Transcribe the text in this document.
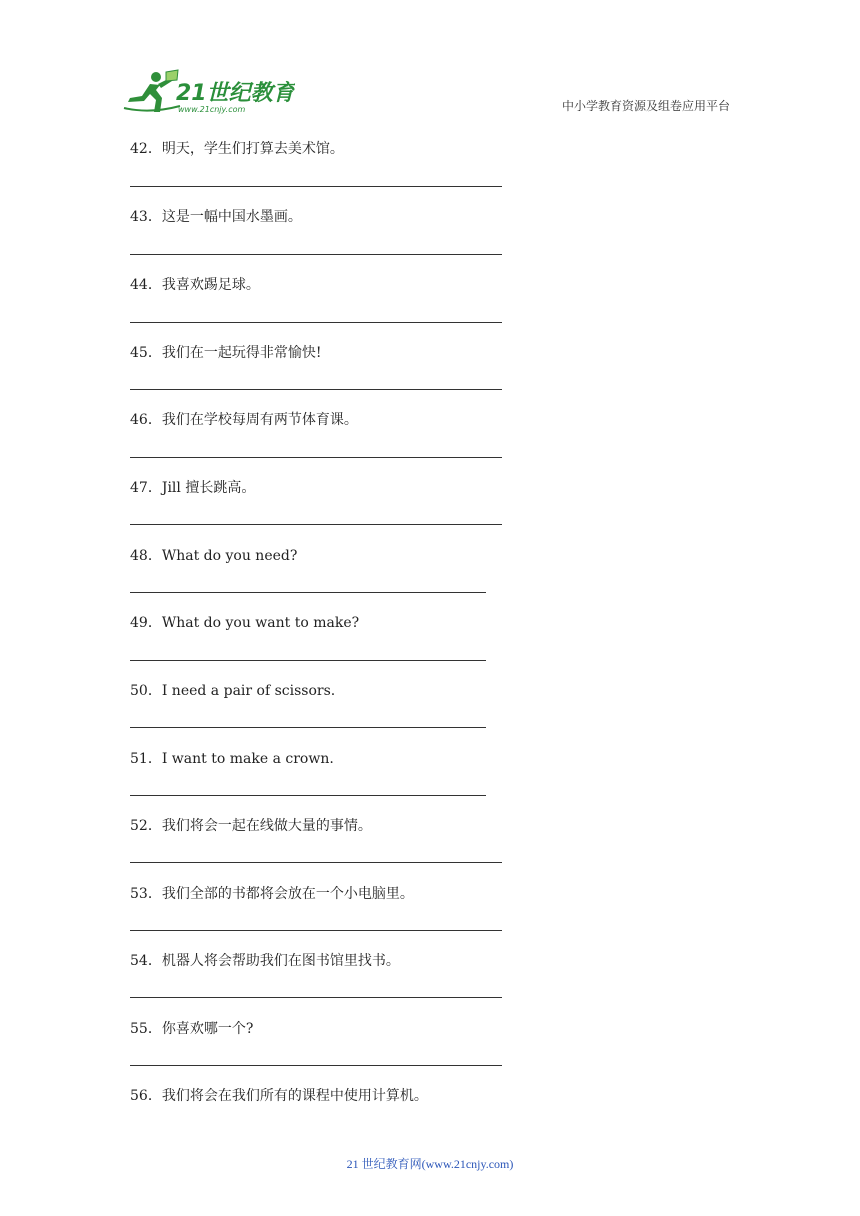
21世纪教育
www.21cnjy.com	中小学教育资源及组卷应用平台
42．明天，学生们打算去美术馆。
43．这是一幅中国水墨画。
44．我喜欢踢足球。
45．我们在一起玩得非常愉快!
46．我们在学校每周有两节体育课。
47．Jill 擅长跳高。
48．What do you need?
49．What do you want to make?
50．I need a pair of scissors.
51．I want to make a crown.
52．我们将会一起在线做大量的事情。
53．我们全部的书都将会放在一个小电脑里。
54．机器人将会帮助我们在图书馆里找书。
55．你喜欢哪一个?
56．我们将会在我们所有的课程中使用计算机。
21 世纪教育网(www.21cnjy.com)
